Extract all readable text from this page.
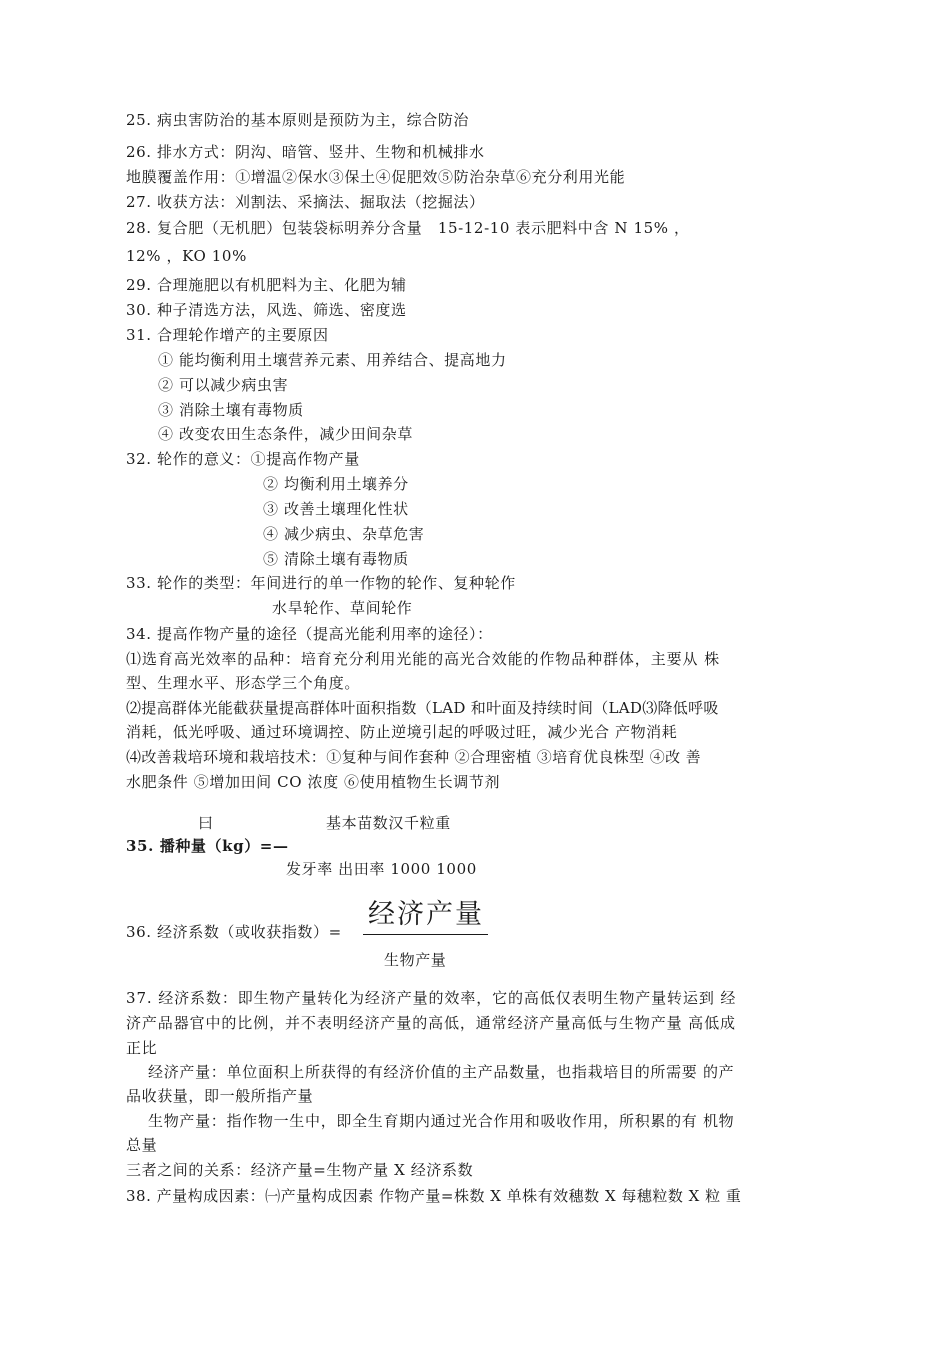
25. 病虫害防治的基本原则是预防为主，综合防治
26. 排水方式：阴沟、暗管、竖井、生物和机械排水
地膜覆盖作用：①增温②保水③保土④促肥效⑤防治杂草⑥充分利用光能
27. 收获方法：刈割法、采摘法、掘取法（挖掘法）
28. 复合肥（无机肥）包装袋标明养分含量　15-12-10 表示肥料中含 N 15% ，
12% ，KO 10%
29. 合理施肥以有机肥料为主、化肥为辅
30. 种子清选方法，风选、筛选、密度选
31. 合理轮作增产的主要原因
① 能均衡利用土壤营养元素、用养结合、提高地力
② 可以减少病虫害
③ 消除土壤有毒物质
④ 改变农田生态条件，减少田间杂草
32. 轮作的意义：①提高作物产量
② 均衡利用土壤养分
③ 改善土壤理化性状
④ 减少病虫、杂草危害
⑤ 清除土壤有毒物质
33. 轮作的类型：年间进行的单一作物的轮作、复种轮作
水旱轮作、草间轮作
34. 提高作物产量的途径（提高光能利用率的途径）：
⑴选育高光效率的品种：培育充分利用光能的高光合效能的作物品种群体，主要从 株
型、生理水平、形态学三个角度。
⑵提高群体光能截获量提高群体叶面积指数（LAD 和叶面及持续时间（LAD⑶降低呼吸
消耗，低光呼吸、通过环境调控、防止逆境引起的呼吸过旺，减少光合 产物消耗
⑷改善栽培环境和栽培技术：①复种与间作套种 ②合理密植 ③培育优良株型 ④改 善
水肥条件 ⑤增加田间 CO 浓度 ⑥使用植物生长调节剂
曰	基本苗数汉千粒重
35. 播种量（kg）=—
发牙率 出田率 1000 1000
36. 经济系数（或收获指数）=
经济产量
生物产量
37. 经济系数：即生物产量转化为经济产量的效率，它的高低仅表明生物产量转运到 经
济产品器官中的比例，并不表明经济产量的高低，通常经济产量高低与生物产量 高低成
正比
经济产量：单位面积上所获得的有经济价值的主产品数量，也指栽培目的所需要 的产
品收获量，即一般所指产量
生物产量：指作物一生中，即全生育期内通过光合作用和吸收作用，所积累的有 机物
总量
三者之间的关系：经济产量=生物产量 X 经济系数
38. 产量构成因素：㈠产量构成因素 作物产量=株数 X 单株有效穗数 X 每穗粒数 X 粒 重
